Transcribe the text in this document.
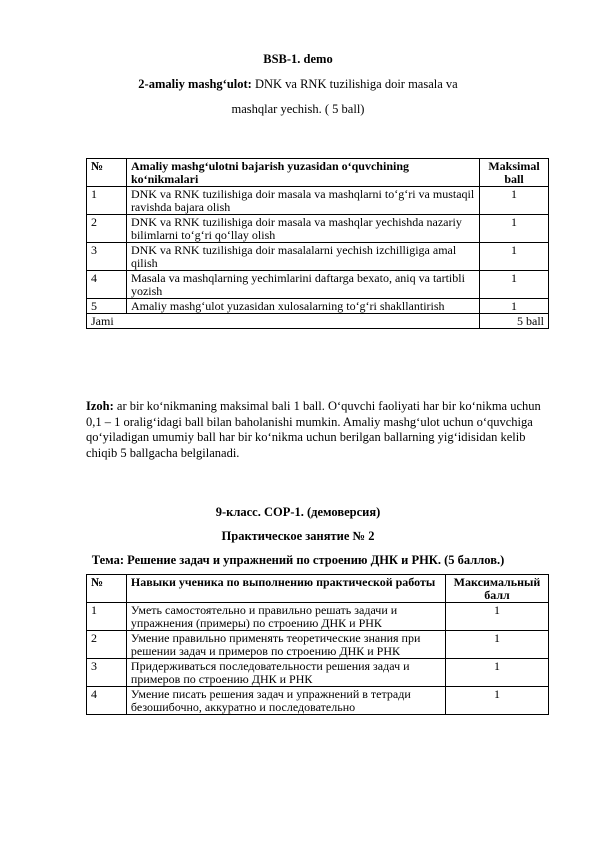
BSB-1. demo
2-amaliy mashg‘ulot: DNK va RNK tuzilishiga doir masala va
mashqlar yechish. ( 5 ball)
№	Amaliy mashg‘ulotni bajarish yuzasidan o‘quvchining ko‘nikmalari	Maksimal ball
1	DNK va RNK tuzilishiga doir masala va mashqlarni to‘g‘ri va mustaqil ravishda bajara olish	1
2	DNK va RNK tuzilishiga doir masala va mashqlar yechishda nazariy bilimlarni to‘g‘ri qo‘llay olish	1
3	DNK va RNK tuzilishiga doir masalalarni yechish izchilligiga amal qilish	1
4	Masala va mashqlarning yechimlarini daftarga bexato, aniq va tartibli yozish	1
5	Amaliy mashg‘ulot yuzasidan xulosalarning to‘g‘ri shakllantirish	1
Jami		5 ball
Izoh: ar bir ko‘nikmaning maksimal bali 1 ball. O‘quvchi faoliyati har bir ko‘nikma uchun 0,1 – 1 oralig‘idagi ball bilan baholanishi mumkin. Amaliy mashg‘ulot uchun o‘quvchiga qo‘yiladigan umumiy ball har bir ko‘nikma uchun berilgan ballarning yig‘idisidan kelib chiqib 5 ballgacha belgilanadi.
9-класс. СОР-1. (демоверсия)
Практическое занятие № 2
Тема: Решение задач и упражнений по строению ДНК и РНК. (5 баллов.)
№	Навыки ученика по выполнению практической работы	Максимальный балл
1	Уметь самостоятельно и правильно решать задачи и упражнения (примеры) по строению ДНК и РНК	1
2	Умение правильно применять теоретические знания при решении задач и примеров по строению ДНК и РНК	1
3	Придерживаться последовательности решения задач и примеров по строению ДНК и РНК	1
4	Умение писать решения задач и упражнений в тетради безошибочно, аккуратно и последовательно	1
